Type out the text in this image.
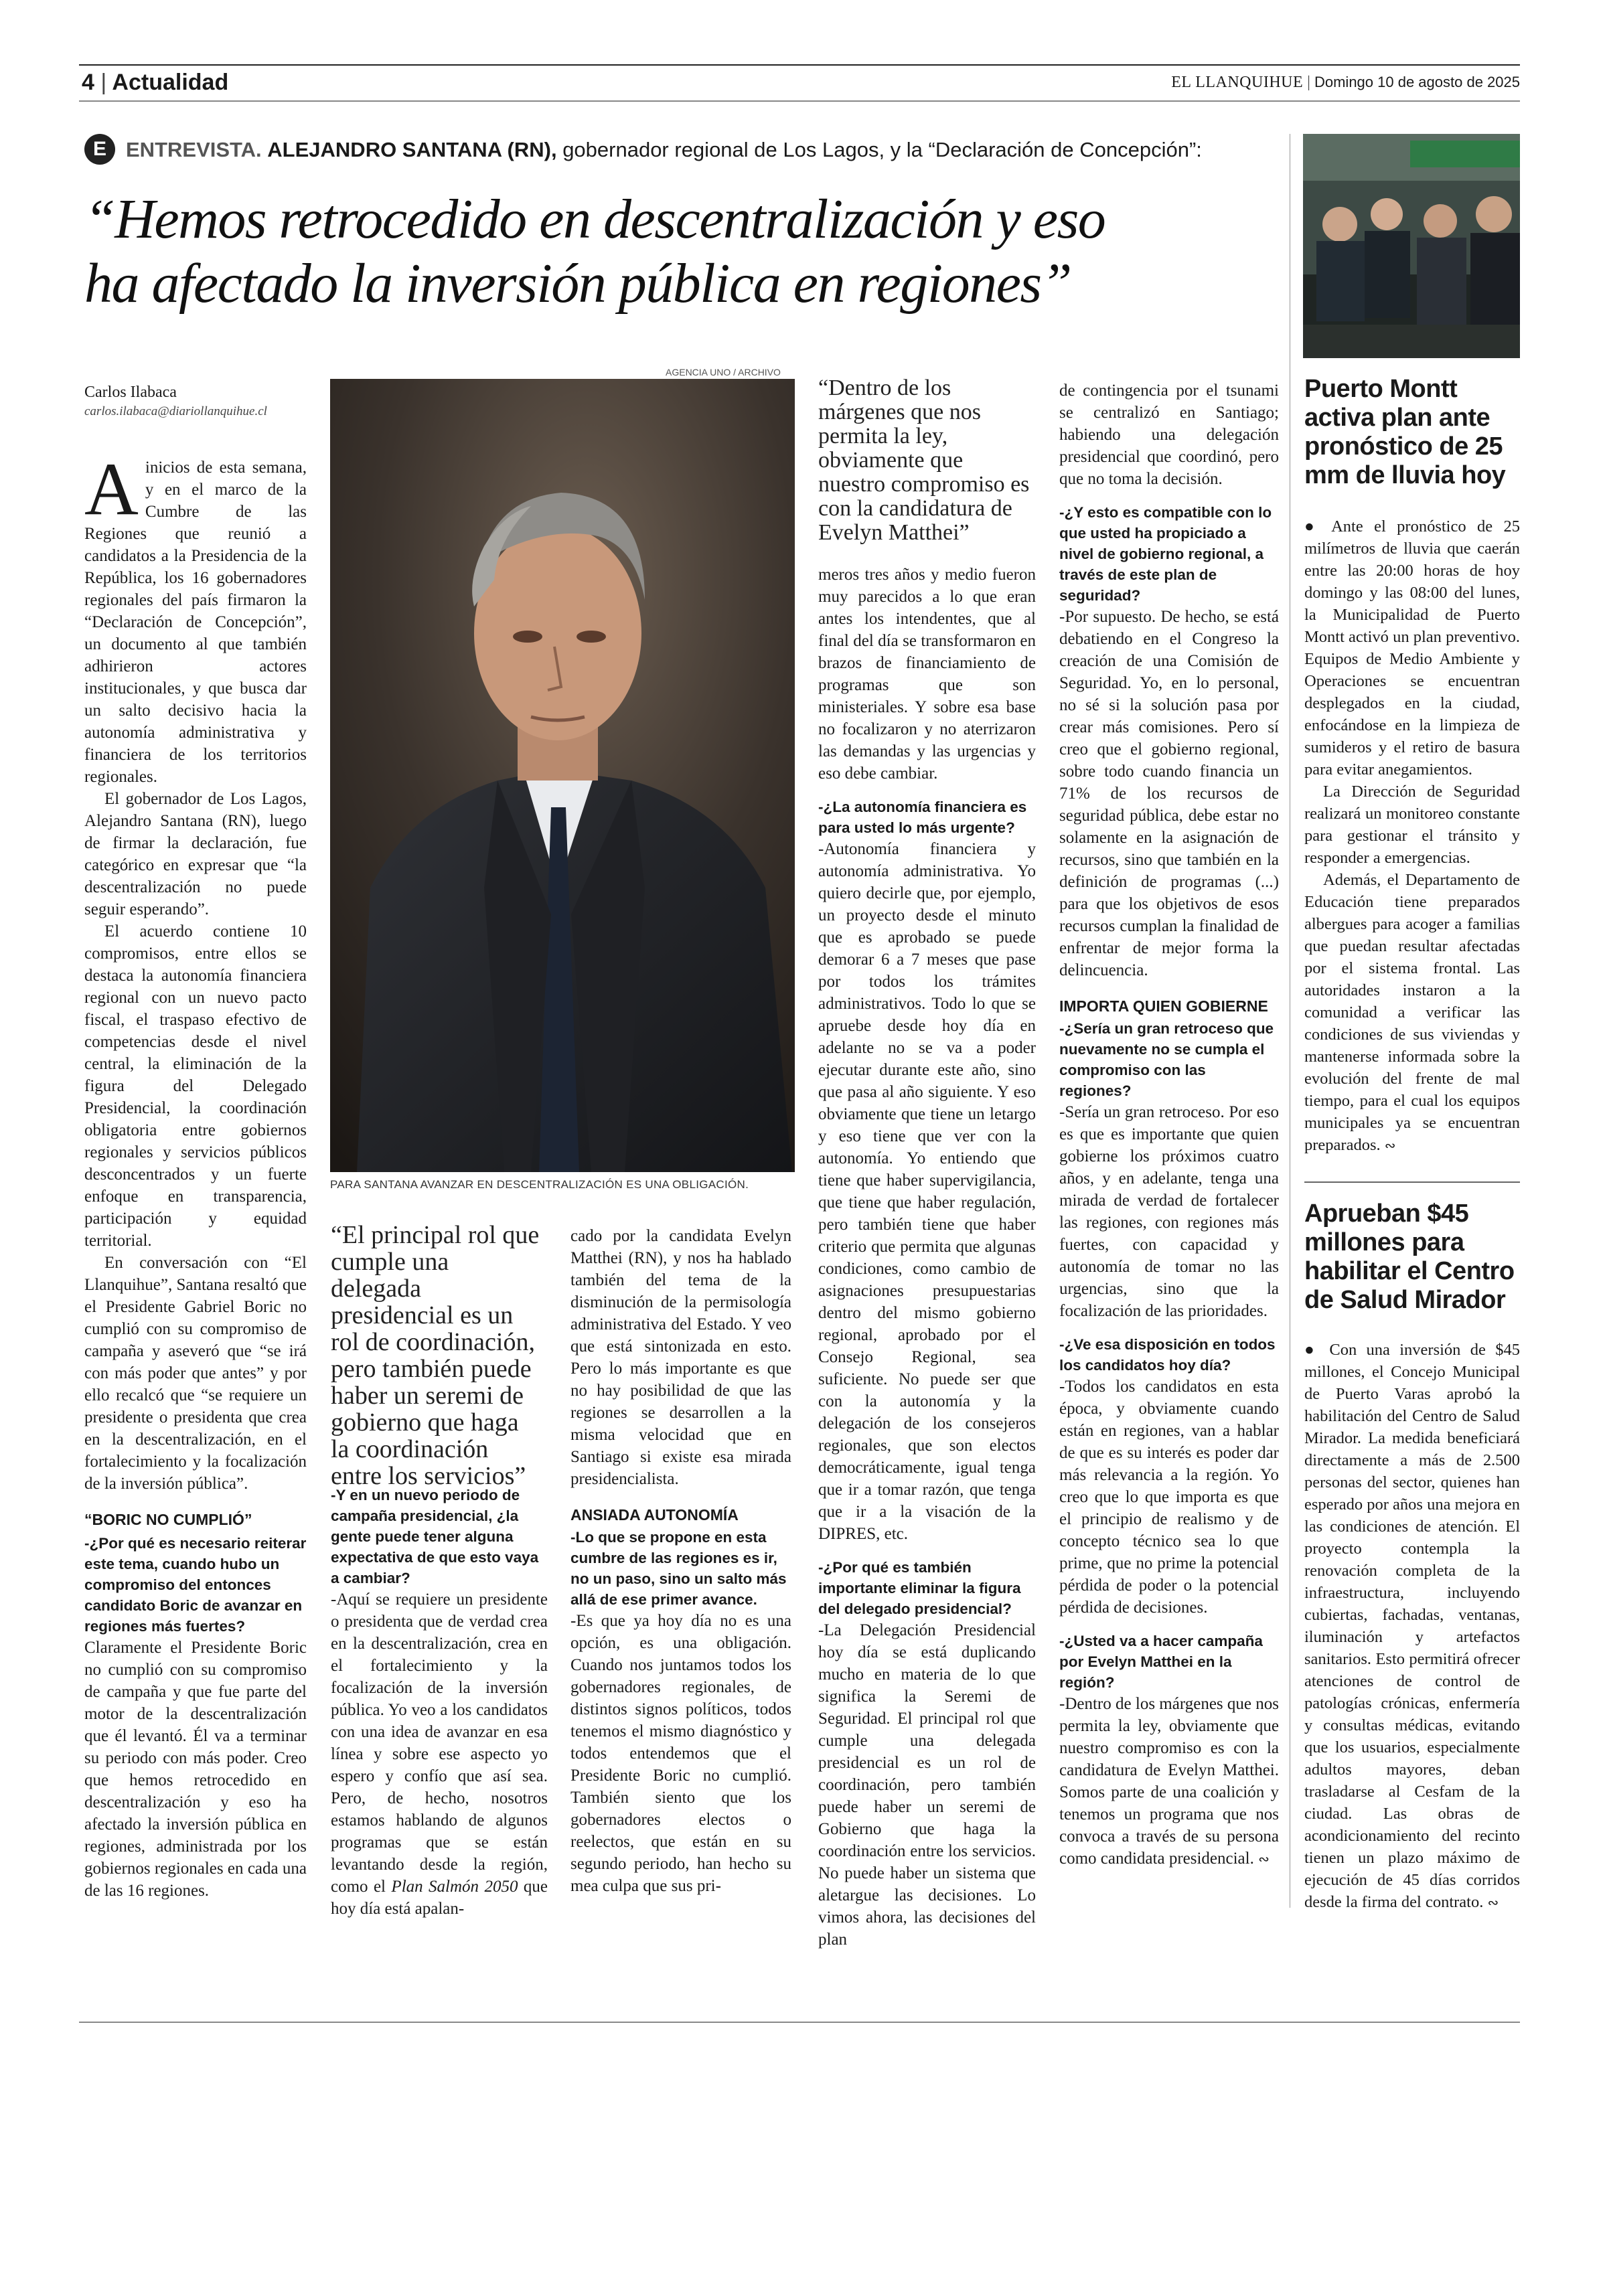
4 | Actualidad	EL LLANQUIHUE | Domingo 10 de agosto de 2025
E ENTREVISTA. ALEJANDRO SANTANA (RN), gobernador regional de Los Lagos, y la “Declaración de Concepción”:
“Hemos retrocedido en descentralización y eso
ha afectado la inversión pública en regiones”
AGENCIA UNO / ARCHIVO
PARA SANTANA AVANZAR EN DESCENTRALIZACIÓN ES UNA OBLIGACIÓN.
Carlos Ilabaca
carlos.ilabaca@diariollanquihue.cl

Ainicios de esta semana, y en el marco de la Cumbre de las Regiones que reunió a candidatos a la Presidencia de la República, los 16 gobernadores regionales del país firmaron la “Declaración de Concepción”, un documento al que también adhirieron actores institucionales, y que busca dar un salto decisivo hacia la autonomía administrativa y financiera de los territorios regionales.

El gobernador de Los Lagos, Alejandro Santana (RN), luego de firmar la declaración, fue categórico en expresar que “la descentralización no puede seguir esperando”.

El acuerdo contiene 10 compromisos, entre ellos se destaca la autonomía financiera regional con un nuevo pacto fiscal, el traspaso efectivo de competencias desde el nivel central, la eliminación de la figura del Delegado Presidencial, la coordinación obligatoria entre gobiernos regionales y servicios públicos desconcentrados y un fuerte enfoque en transparencia, participación y equidad territorial.

En conversación con “El Llanquihue”, Santana resaltó que el Presidente Gabriel Boric no cumplió con su compromiso de campaña y aseveró que “se irá con más poder que antes” y por ello recalcó que “se requiere un presidente o presidenta que crea en la descentralización, en el fortalecimiento y la focalización de la inversión pública”.

“BORIC NO CUMPLIÓ”
-¿Por qué es necesario reiterar este tema, cuando hubo un compromiso del entonces candidato Boric de avanzar en regiones más fuertes?

Claramente el Presidente Boric no cumplió con su compromiso de campaña y que fue parte del motor de la descentralización que él levantó. Él va a terminar su periodo con más poder. Creo que hemos retrocedido en descentralización y eso ha afectado la inversión pública en regiones, administrada por los gobiernos regionales en cada una de las 16 regiones.

“El principal rol que cumple una delegada presidencial es un rol de coordinación, pero también puede haber un seremi de gobierno que haga la coordinación entre los servicios”
-Y en un nuevo periodo de campaña presidencial, ¿la gente puede tener alguna expectativa de que esto vaya a cambiar?

-Aquí se requiere un presidente o presidenta que de verdad crea en la descentralización, crea en el fortalecimiento y la focalización de la inversión pública. Yo veo a los candidatos con una idea de avanzar en esa línea y sobre ese aspecto yo espero y confío que así sea. Pero, de hecho, nosotros estamos hablando de algunos programas que se están levantando desde la región, como el Plan Salmón 2050 que hoy día está apalan-

cado por la candidata Evelyn Matthei (RN), y nos ha hablado también del tema de la disminución de la permisología administrativa del Estado. Y veo que está sintonizada en esto. Pero lo más importante es que no hay posibilidad de que las regiones se desarrollen a la misma velocidad que en Santiago si existe esa mirada presidencialista.

ANSIADA AUTONOMÍA
-Lo que se propone en esta cumbre de las regiones es ir, no un paso, sino un salto más allá de ese primer avance.

-Es que ya hoy día no es una opción, es una obligación. Cuando nos juntamos todos los gobernadores regionales, de distintos signos políticos, todos tenemos el mismo diagnóstico y todos entendemos que el Presidente Boric no cumplió. También siento que los gobernadores electos o reelectos, que están en su segundo periodo, han hecho su mea culpa que sus pri-

“Dentro de los márgenes que nos permita la ley, obviamente que nuestro compromiso es con la candidatura de Evelyn Matthei”

meros tres años y medio fueron muy parecidos a lo que eran antes los intendentes, que al final del día se transformaron en brazos de financiamiento de programas que son ministeriales. Y sobre esa base no focalizaron y no aterrizaron las demandas y las urgencias y eso debe cambiar.

-¿La autonomía financiera es para usted lo más urgente?

-Autonomía financiera y autonomía administrativa. Yo quiero decirle que, por ejemplo, un proyecto desde el minuto que es aprobado se puede demorar 6 a 7 meses que pase por todos los trámites administrativos. Todo lo que se apruebe desde hoy día en adelante no se va a poder ejecutar durante este año, sino que pasa al año siguiente. Y eso obviamente que tiene un letargo y eso tiene que ver con la autonomía. Yo entiendo que tiene que haber supervigilancia, que tiene que haber regulación, pero también tiene que haber criterio que permita que algunas condiciones, como cambio de asignaciones presupuestarias dentro del mismo gobierno regional, aprobado por el Consejo Regional, sea suficiente. No puede ser que con la autonomía y la delegación de los consejeros regionales, que son electos democráticamente, igual tenga que ir a tomar razón, que tenga que ir a la visación de la DIPRES, etc.

-¿Por qué es también importante eliminar la figura del delegado presidencial?

-La Delegación Presidencial hoy día se está duplicando mucho en materia de lo que significa la Seremi de Seguridad. El principal rol que cumple una delegada presidencial es un rol de coordinación, pero también puede haber un seremi de Gobierno que haga la coordinación entre los servicios. No puede haber un sistema que aletargue las decisiones. Lo vimos ahora, las decisiones del plan

de contingencia por el tsunami se centralizó en Santiago; habiendo una delegación presidencial que coordinó, pero que no toma la decisión.

-¿Y esto es compatible con lo que usted ha propiciado a nivel de gobierno regional, a través de este plan de seguridad?

-Por supuesto. De hecho, se está debatiendo en el Congreso la creación de una Comisión de Seguridad. Yo, en lo personal, no sé si la solución pasa por crear más comisiones. Pero sí creo que el gobierno regional, sobre todo cuando financia un 71% de los recursos de seguridad pública, debe estar no solamente en la asignación de recursos, sino que también en la definición de programas (...) para que los objetivos de esos recursos cumplan la finalidad de enfrentar de mejor forma la delincuencia.

IMPORTA QUIEN GOBIERNE
-¿Sería un gran retroceso que nuevamente no se cumpla el compromiso con las regiones?

-Sería un gran retroceso. Por eso es que es importante que quien gobierne los próximos cuatro años, y en adelante, tenga una mirada de verdad de fortalecer las regiones, con regiones más fuertes, con capacidad y autonomía de tomar no las urgencias, sino que la focalización de las prioridades.

-¿Ve esa disposición en todos los candidatos hoy día?

-Todos los candidatos en esta época, y obviamente cuando están en regiones, van a hablar de que es su interés es poder dar más relevancia a la región. Yo creo que lo que importa es que el principio de realismo y de concepto técnico sea lo que prime, que no prime la potencial pérdida de poder o la potencial pérdida de decisiones.

-¿Usted va a hacer campaña por Evelyn Matthei en la región?

-Dentro de los márgenes que nos permita la ley, obviamente que nuestro compromiso es con la candidatura de Evelyn Matthei. Somos parte de una coalición y tenemos un programa que nos convoca a través de su persona como candidata presidencial. ∾

Puerto Montt activa plan ante pronóstico de 25 mm de lluvia hoy

● Ante el pronóstico de 25 milímetros de lluvia que caerán entre las 20:00 horas de hoy domingo y las 08:00 del lunes, la Municipalidad de Puerto Montt activó un plan preventivo. Equipos de Medio Ambiente y Operaciones se encuentran desplegados en la ciudad, enfocándose en la limpieza de sumideros y el retiro de basura para evitar anegamientos.

La Dirección de Seguridad realizará un monitoreo constante para gestionar el tránsito y responder a emergencias.

Además, el Departamento de Educación tiene preparados albergues para acoger a familias que puedan resultar afectadas por el sistema frontal. Las autoridades instaron a la comunidad a verificar las condiciones de sus viviendas y mantenerse informada sobre la evolución del frente de mal tiempo, para el cual los equipos municipales ya se encuentran preparados. ∾

Aprueban $45 millones para habilitar el Centro de Salud Mirador

● Con una inversión de $45 millones, el Concejo Municipal de Puerto Varas aprobó la habilitación del Centro de Salud Mirador. La medida beneficiará directamente a más de 2.500 personas del sector, quienes han esperado por años una mejora en las condiciones de atención. El proyecto contempla la renovación completa de la infraestructura, incluyendo cubiertas, fachadas, ventanas, iluminación y artefactos sanitarios. Esto permitirá ofrecer atenciones de control de patologías crónicas, enfermería y consultas médicas, evitando que los usuarios, especialmente adultos mayores, deban trasladarse al Cesfam de la ciudad. Las obras de acondicionamiento del recinto tienen un plazo máximo de ejecución de 45 días corridos desde la firma del contrato. ∾
